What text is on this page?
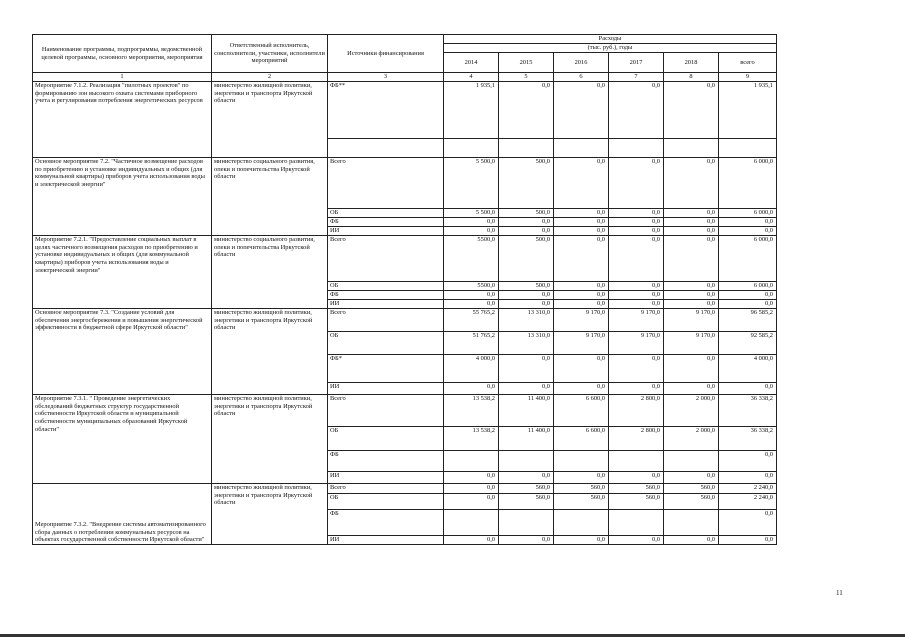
Наименование программы, подпрограммы, ведомственной целевой программы, основного мероприятия, мероприятия	Ответственный исполнитель, соисполнители, участники, исполнители мероприятий	Источники финансирования	Расходы					
			(тыс. руб.), годы					
			2014	2015	2016	2017	2018	всего
1	2	3	4	5	6	7	8	9
Мероприятие 7.1.2. Реализация "пилотных проектов" по формированию зон высокого охвата системами приборного учета и регулирования потребления энергетических ресурсов	министерство жилищной политики, энергетики и транспорта Иркутской области	ФБ**	1 935,1	0,0	0,0	0,0	0,0	1 935,1

Основное мероприятие 7.2. "Частичное возмещение расходов по приобретению и установке индивидуальных и общих (для коммунальной квартиры) приборов учета использования воды и электрической энергии"	министерство социального развития, опеки и попечительства Иркутской области	Всего	5 500,0	500,0	0,0	0,0	0,0	6 000,0
		ОБ	5 500,0	500,0	0,0	0,0	0,0	6 000,0
		ФБ	0,0	0,0	0,0	0,0	0,0	0,0
		ИИ	0,0	0,0	0,0	0,0	0,0	0,0
Мероприятие 7.2.1. "Предоставление социальных выплат в целях частичного возмещения расходов по приобретению и установке индивидуальных и общих (для коммунальной квартиры) приборов учета использования воды и электрической энергии"	министерство социального развития, опеки и попечительства Иркутской области	Всего	5500,0	500,0	0,0	0,0	0,0	6 000,0
		ОБ	5500,0	500,0	0,0	0,0	0,0	6 000,0
		ФБ	0,0	0,0	0,0	0,0	0,0	0,0
		ИИ	0,0	0,0	0,0	0,0	0,0	0,0
Основное мероприятие 7.3. "Создание условий для обеспечения энергосбережения и повышения энергетической эффективности в бюджетной сфере Иркутской области"	министерство жилищной политики, энергетики и транспорта Иркутской области	Всего	55 765,2	13 310,0	9 170,0	9 170,0	9 170,0	96 585,2
		ОБ	51 765,2	13 310,0	9 170,0	9 170,0	9 170,0	92 585,2
		ФБ*	4 000,0	0,0	0,0	0,0	0,0	4 000,0
		ИИ	0,0	0,0	0,0	0,0	0,0	0,0
Мероприятие 7.3.1. " Проведение энергетических обследований бюджетных структур государственной собственности Иркутской области и муниципальной собственности муниципальных образований Иркутской области"	министерство жилищной политики, энергетики и транспорта Иркутской области	Всего	13 538,2	11 400,0	6 600,0	2 800,0	2 000,0	36 338,2
		ОБ	13 538,2	11 400,0	6 600,0	2 800,0	2 000,0	36 338,2
		ФБ						0,0
		ИИ	0,0	0,0	0,0	0,0	0,0	0,0
Мероприятие 7.3.2. "Внедрение системы автоматизированного сбора данных о потреблении коммунальных ресурсов на объектах государственной собственности Иркутской области"	министерство жилищной политики, энергетики и транспорта Иркутской области	Всего	0,0	560,0	560,0	560,0	560,0	2 240,0
		ОБ	0,0	560,0	560,0	560,0	560,0	2 240,0
		ФБ						0,0
		ИИ	0,0	0,0	0,0	0,0	0,0	0,0
11
